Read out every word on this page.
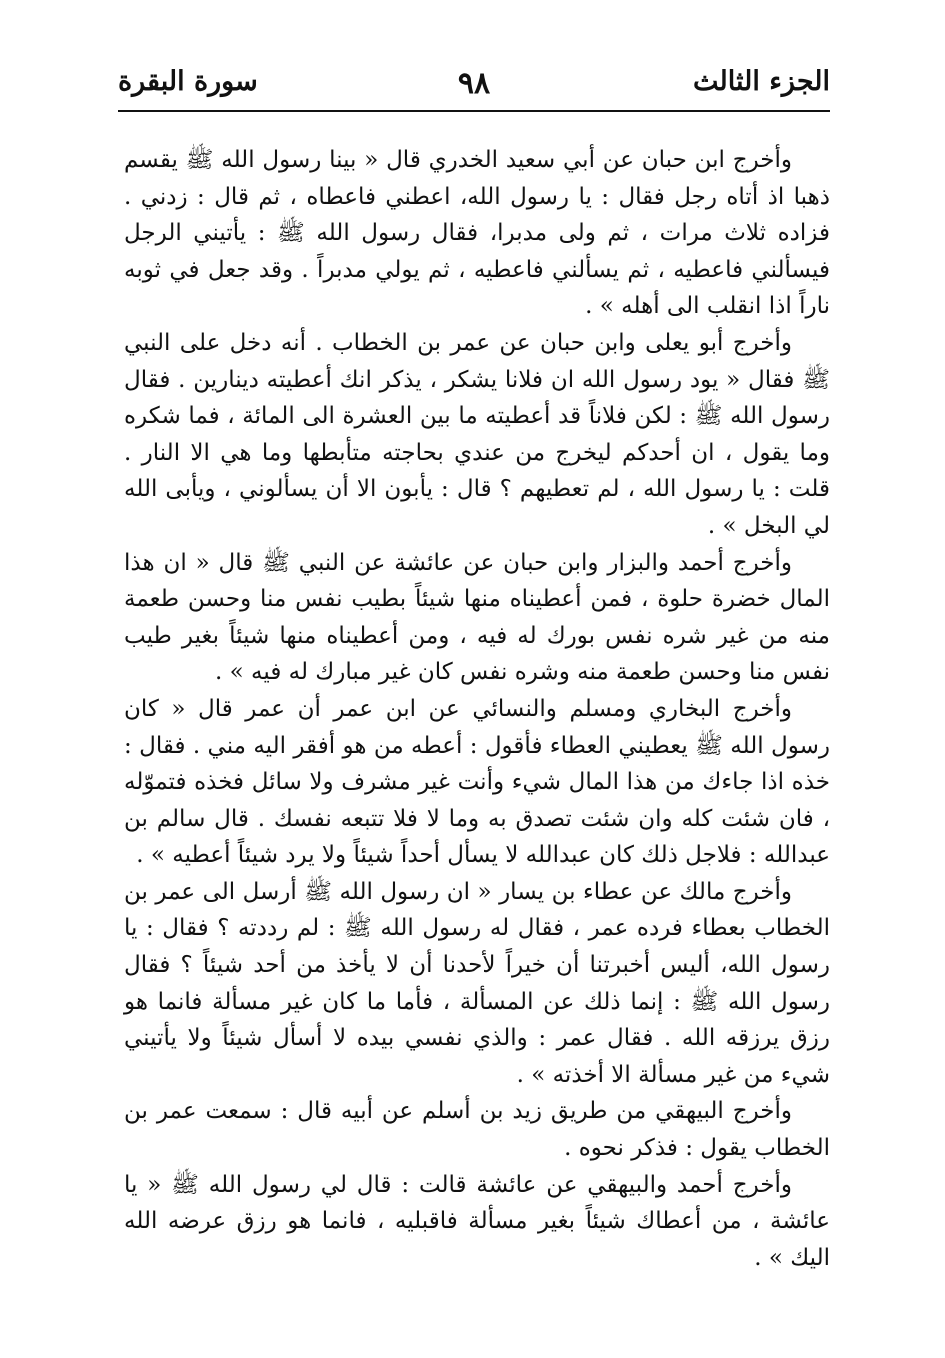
الجزء الثالث
٩٨
سورة البقرة

وأخرج ابن حبان عن أبي سعيد الخدري قال « بينا رسول الله ﷺ يقسم ذهبا اذ أتاه رجل فقال : يا رسول الله، اعطني فاعطاه ، ثم قال : زدني . فزاده ثلاث مرات ، ثم ولى مدبرا، فقال رسول الله ﷺ : يأتيني الرجل فيسألني فاعطيه ، ثم يسألني فاعطيه ، ثم يولي مدبراً . وقد جعل في ثوبه ناراً اذا انقلب الى أهله » .

وأخرج أبو يعلى وابن حبان عن عمر بن الخطاب . أنه دخل على النبي ﷺ فقال « يود رسول الله ان فلانا يشكر ، يذكر انك أعطيته دينارين . فقال رسول الله ﷺ : لكن فلاناً قد أعطيته ما بين العشرة الى المائة ، فما شكره وما يقول ، ان أحدكم ليخرج من عندي بحاجته متأبطها وما هي الا النار . قلت : يا رسول الله ، لم تعطيهم ؟ قال : يأبون الا أن يسألوني ، ويأبى الله لي البخل » .

وأخرج أحمد والبزار وابن حبان عن عائشة عن النبي ﷺ قال « ان هذا المال خضرة حلوة ، فمن أعطيناه منها شيئاً بطيب نفس منا وحسن طعمة منه من غير شره نفس بورك له فيه ، ومن أعطيناه منها شيئاً بغير طيب نفس منا وحسن طعمة منه وشره نفس كان غير مبارك له فيه » .

وأخرج البخاري ومسلم والنسائي عن ابن عمر أن عمر قال « كان رسول الله ﷺ يعطيني العطاء فأقول : أعطه من هو أفقر اليه مني . فقال : خذه اذا جاءك من هذا المال شيء وأنت غير مشرف ولا سائل فخذه فتموّله ، فان شئت كله وان شئت تصدق به وما لا فلا تتبعه نفسك . قال سالم بن عبدالله : فلاجل ذلك كان عبدالله لا يسأل أحداً شيئاً ولا يرد شيئاً أعطيه » .

وأخرج مالك عن عطاء بن يسار « ان رسول الله ﷺ أرسل الى عمر بن الخطاب بعطاء فرده عمر ، فقال له رسول الله ﷺ : لم رددته ؟ فقال : يا رسول الله، أليس أخبرتنا أن خيراً لأحدنا أن لا يأخذ من أحد شيئاً ؟ فقال رسول الله ﷺ : إنما ذلك عن المسألة ، فأما ما كان غير مسألة فانما هو رزق يرزقه الله . فقال عمر : والذي نفسي بيده لا أسأل شيئاً ولا يأتيني شيء من غير مسألة الا أخذته » .

وأخرج البيهقي من طريق زيد بن أسلم عن أبيه قال : سمعت عمر بن الخطاب يقول : فذكر نحوه .

وأخرج أحمد والبيهقي عن عائشة قالت : قال لي رسول الله ﷺ « يا عائشة ، من أعطاك شيئاً بغير مسألة فاقبليه ، فانما هو رزق عرضه الله اليك » .
